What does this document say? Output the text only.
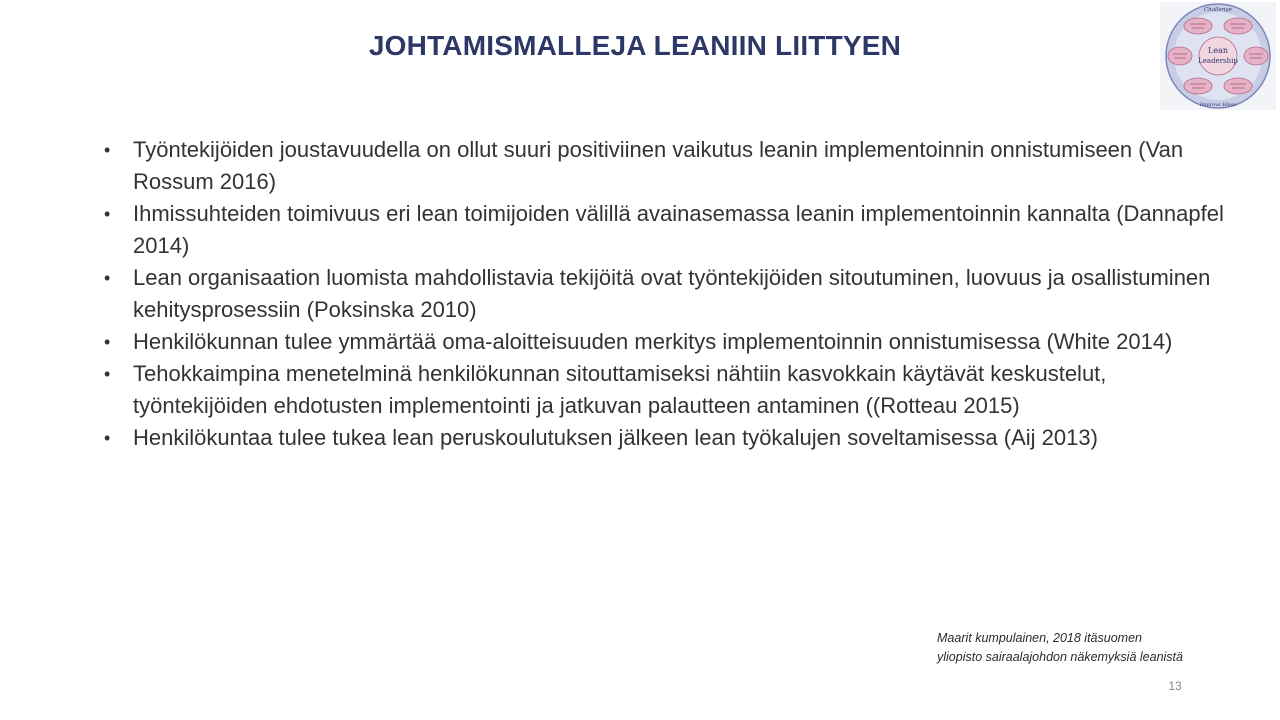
JOHTAMISMALLEJA LEANIIN LIITTYEN	Lean
Leadership
Challenge
Improve Ideas
• Työntekijöiden joustavuudella on ollut suuri positiviinen vaikutus leanin implementoinnin onnistumiseen (Van Rossum 2016)
• Ihmissuhteiden toimivuus eri lean toimijoiden välillä avainasemassa leanin implementoinnin kannalta (Dannapfel 2014)
• Lean organisaation luomista mahdollistavia tekijöitä ovat työntekijöiden sitoutuminen, luovuus ja osallistuminen kehitysprosessiin (Poksinska 2010)
• Henkilökunnan tulee ymmärtää oma-aloitteisuuden merkitys implementoinnin onnistumisessa (White 2014)
• Tehokkaimpina menetelminä henkilökunnan sitouttamiseksi nähtiin kasvokkain käytävät keskustelut, työntekijöiden ehdotusten implementointi ja jatkuvan palautteen antaminen ((Rotteau 2015)
• Henkilökuntaa tulee tukea lean peruskoulutuksen jälkeen lean työkalujen soveltamisessa (Aij 2013)
Maarit kumpulainen, 2018 itäsuomen
yliopisto sairaalajohdon näkemyksiä leanistä
13
